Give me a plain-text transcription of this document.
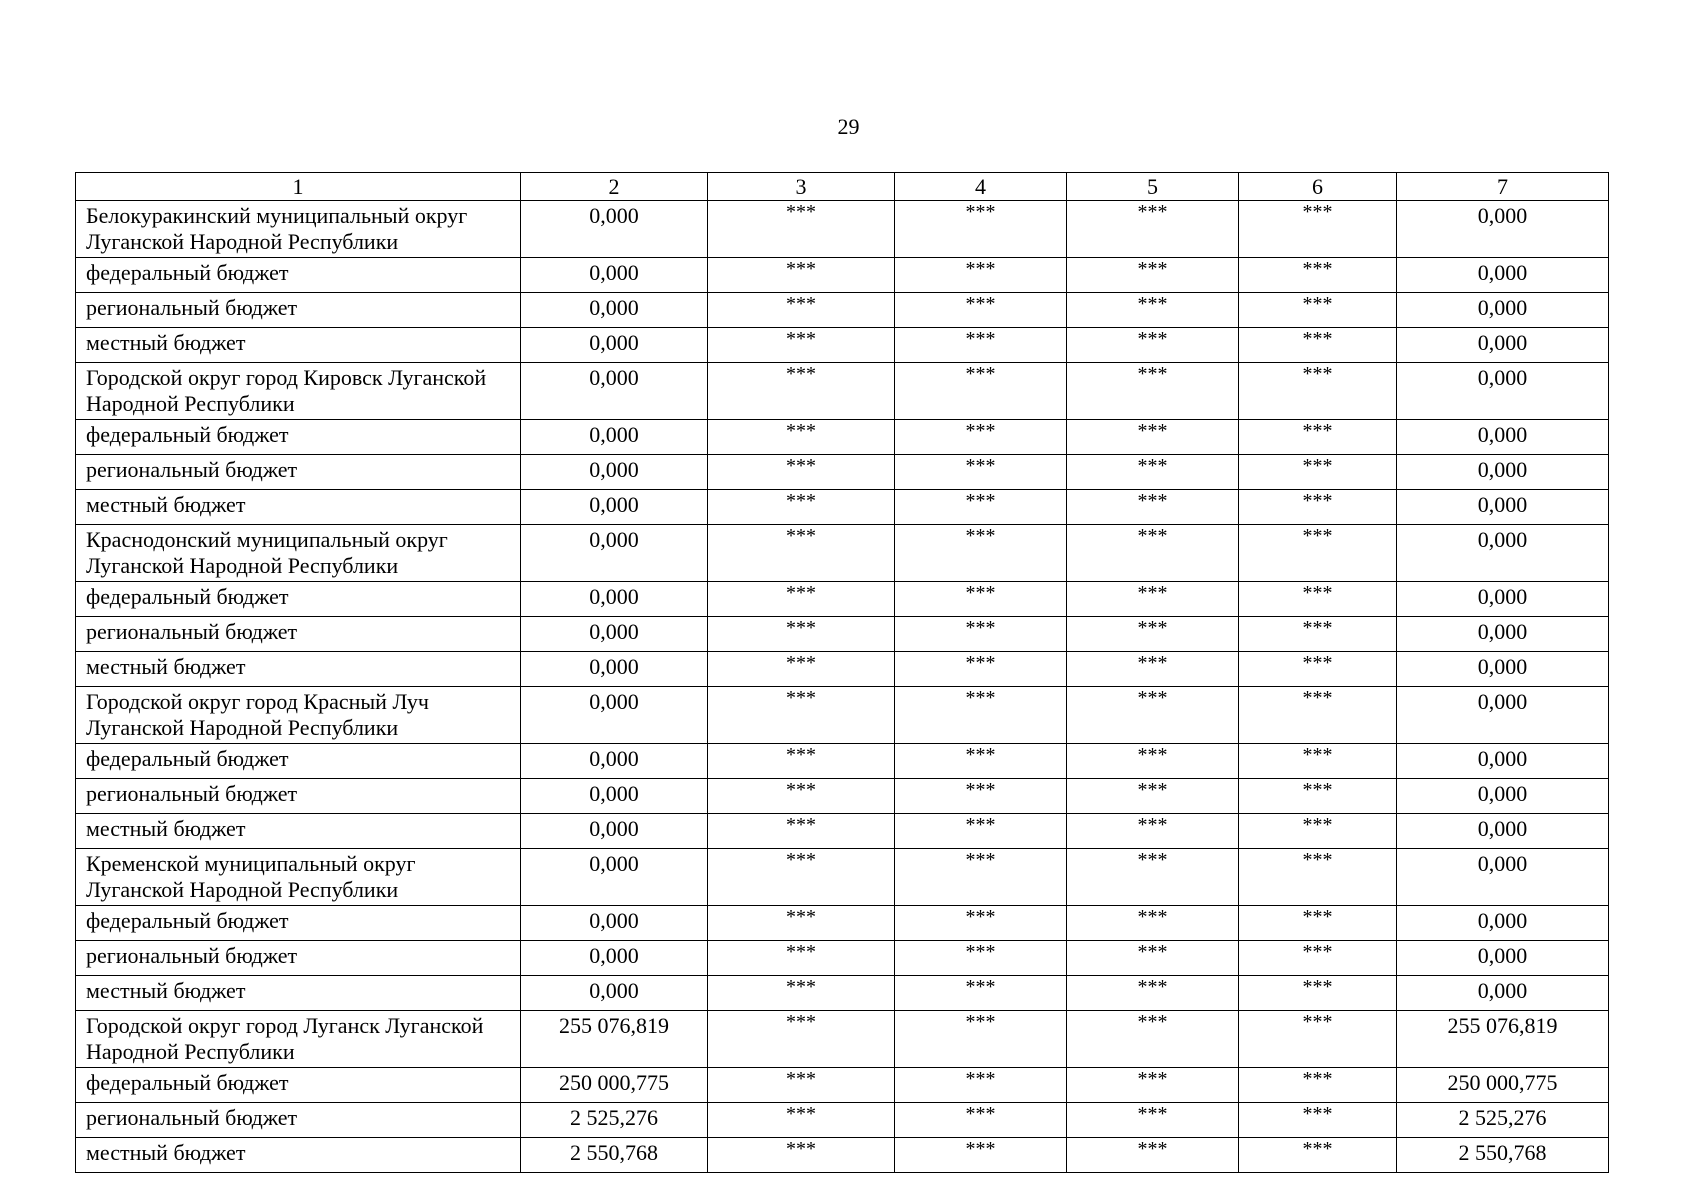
29
1	2	3	4	5	6	7
Белокуракинский муниципальный округ Луганской Народной Республики	0,000	***	***	***	***	0,000
федеральный бюджет	0,000	***	***	***	***	0,000
региональный бюджет	0,000	***	***	***	***	0,000
местный бюджет	0,000	***	***	***	***	0,000
Городской округ город Кировск Луганской Народной Республики	0,000	***	***	***	***	0,000
федеральный бюджет	0,000	***	***	***	***	0,000
региональный бюджет	0,000	***	***	***	***	0,000
местный бюджет	0,000	***	***	***	***	0,000
Краснодонский муниципальный округ Луганской Народной Республики	0,000	***	***	***	***	0,000
федеральный бюджет	0,000	***	***	***	***	0,000
региональный бюджет	0,000	***	***	***	***	0,000
местный бюджет	0,000	***	***	***	***	0,000
Городской округ город Красный Луч Луганской Народной Республики	0,000	***	***	***	***	0,000
федеральный бюджет	0,000	***	***	***	***	0,000
региональный бюджет	0,000	***	***	***	***	0,000
местный бюджет	0,000	***	***	***	***	0,000
Кременской муниципальный округ Луганской Народной Республики	0,000	***	***	***	***	0,000
федеральный бюджет	0,000	***	***	***	***	0,000
региональный бюджет	0,000	***	***	***	***	0,000
местный бюджет	0,000	***	***	***	***	0,000
Городской округ город Луганск Луганской Народной Республики	255 076,819	***	***	***	***	255 076,819
федеральный бюджет	250 000,775	***	***	***	***	250 000,775
региональный бюджет	2 525,276	***	***	***	***	2 525,276
местный бюджет	2 550,768	***	***	***	***	2 550,768
